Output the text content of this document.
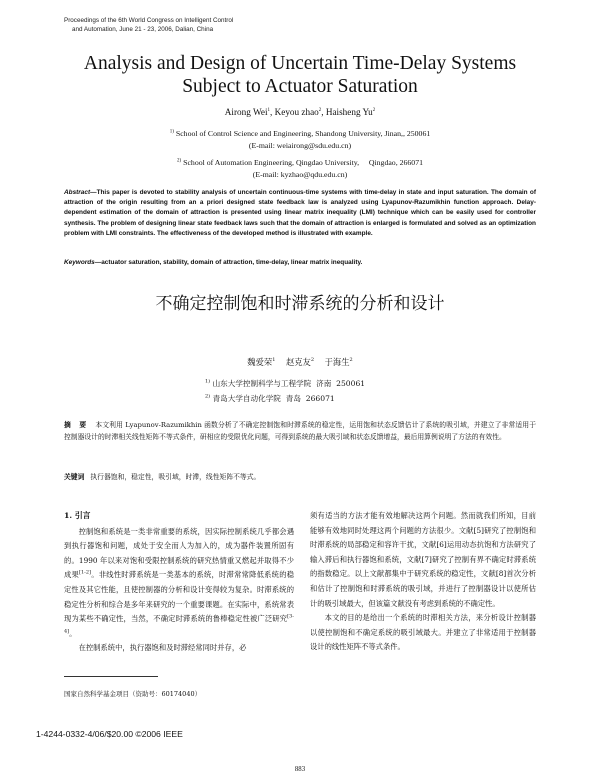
Proceedings of the 6th World Congress on Intelligent Control
and Automation, June 21 - 23, 2006, Dalian, China
Analysis and Design of Uncertain Time-Delay Systems
Subject to Actuator Saturation
Airong Wei$^1$, Keyou zhao$^2$, Haisheng Yu$^2$
$^{1)}$ School of Control Science and Engineering, Shandong University, Jinan,, 250061
(E-mail: weiairong@sdu.edu.cn)
$^{2)}$ School of Automation Engineering, Qingdao University,     Qingdao, 266071
(E-mail: kyzhao@qdu.edu.cn)
Abstract—This paper is devoted to stability analysis of uncertain continuous-time systems with time-delay in state and input saturation. The domain of attraction of the origin resulting from an a priori designed state feedback law is analyzed using Lyapunov-Razumikhin function approach. Delay-dependent estimation of the domain of attraction is presented using linear matrix inequality (LMI) technique which can be easily used for controller synthesis. The problem of designing linear state feedback laws such that the domain of attraction is enlarged is formulated and solved as an optimization problem with LMI constraints. The effectiveness of the developed method is illustrated with example.
Keywords—actuator saturation, stability, domain of attraction, time-delay, linear matrix inequality.
不确定控制饱和时滞系统的分析和设计
魏爱荣$^1$ 赵克友$^2$ 于海生$^2$
$^{1)}$ 山东大学控制科学与工程学院  济南  250061
$^{2)}$ 青岛大学自动化学院  青岛  266071
摘 要 本文利用 Lyapunov-Razumikhin 函数分析了不确定控制饱和时滞系统的稳定性，运用饱和状态反馈估计了系统的吸引域，并建立了非常适用于控制器设计的时滞相关线性矩阵不等式条件，研相应的受限优化问题，可得到系统的最大吸引域和状态反馈增益，最后用算例说明了方法的有效性。
关键词 执行器饱和，稳定性，吸引域，时滞，线性矩阵不等式。
1. 引言

控制饱和系统是一类非常重要的系统，因实际控制系统几乎都会遇到执行器饱和问题，成处于安全而人为加入的，成为器件装置所固有的。1990 年以来对饱和受限控制系统的研究热情重又燃起并取得不少成果[1-2]。非线性时滞系统是一类基本的系统，时滞常常降低系统的稳定性及其它性能，且使控制器的分析和设计变得较为复杂。时滞系统的稳定性分析和综合是多年来研究的一个重要课题。在实际中，系统常表现为某些不确定性，当然，不确定时滞系统的鲁棒稳定性被广泛研究[3-4]。

在控制系统中，执行器饱和及时滞经常同时并存，必

须有适当的方法才能有效地解决这两个问题。然而就我们所知，目前能够有效地同时处理这两个问题的方法很少。文献[5]研究了控制饱和时滞系统的局部稳定和容许干扰，文献[6]运用动态抗饱和方法研究了输入滞后和执行器饱和系统，文献[7]研究了控制有界不确定时滞系统的指数稳定。以上文献都集中于研究系统的稳定性，文献[8]首次分析和估计了控制饱和时滞系统的吸引域，并进行了控制器设计以使所估计的吸引域最大，但该篇文献没有考虑到系统的不确定性。

本文的目的是给出一个系统的时滞相关方法，来分析设计控制器以使控制饱和不确定系统的吸引域最大。并建立了非常适用于控制器设计的线性矩阵不等式条件。

国家自然科学基金项目（资助号：60174040）
1-4244-0332-4/06/$20.00 ©2006 IEEE
883
